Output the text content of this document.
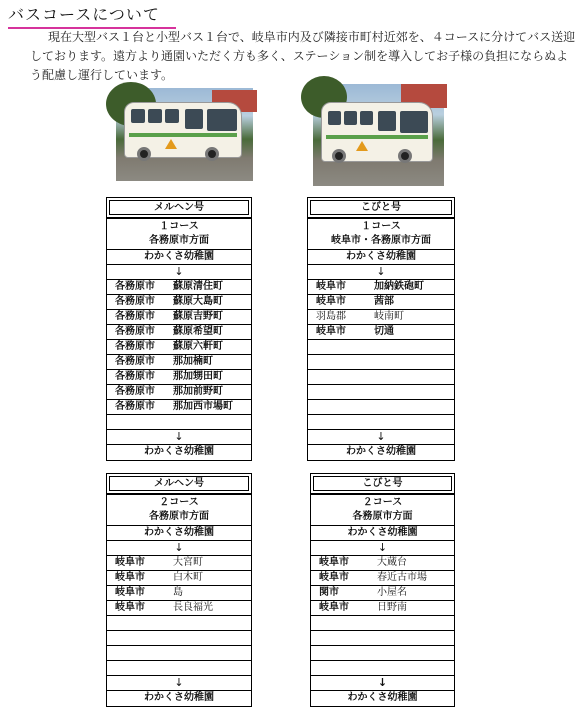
バスコースについて

現在大型バス１台と小型バス１台で、岐阜市内及び隣接市町村近郊を、４コースに分けてバス送迎しております。遠方より通園いただく方も多く、ステーション制を導入してお子様の負担にならぬよう配慮し運行しています。

メルヘン号
１コース
各務原市方面
わかくさ幼稚園
↓
各務原市 蘇原清住町
各務原市 蘇原大島町
各務原市 蘇原吉野町
各務原市 蘇原希望町
各務原市 蘇原六軒町
各務原市 那加楠町
各務原市 那加甥田町
各務原市 那加前野町
各務原市 那加西市場町
↓
わかくさ幼稚園
こびと号
１コース
岐阜市・各務原市方面
わかくさ幼稚園
↓
岐阜市	加納鉄砲町
岐阜市	茜部
羽島郡	岐南町
岐阜市	切通
↓
わかくさ幼稚園
メルヘン号
２コース
各務原市方面
わかくさ幼稚園
↓
岐阜市	大宮町
岐阜市	白木町
岐阜市	島
岐阜市	長良福光
↓
わかくさ幼稚園
こびと号
２コース
各務原市方面
わかくさ幼稚園
↓
岐阜市	大蔵台
岐阜市	春近古市場
関市	小屋名
岐阜市	日野南
↓
わかくさ幼稚園
